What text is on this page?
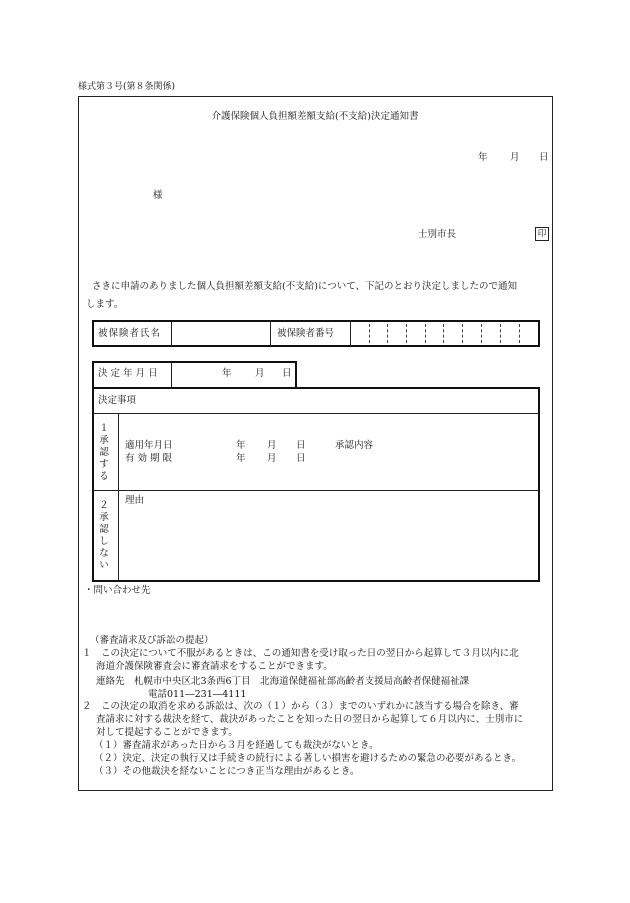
様式第３号(第８条関係)
介護保険個人負担額差額支給(不支給)決定通知書
年 月 日
様
士別市長	印
さきに申請のありました個人負担額差額支給(不支給)について、下記のとおり決定しましたので通知
します。
被保険者氏名	被保険者番号
決 定 年 月 日	年 月 日
決定事項
１承認する
適用年月日	年 月 日	承認内容
有 効 期 限	年 月 日
２承認しない
理由
・問い合わせ先
（審査請求及び訴訟の提起）
１　この決定について不服があるときは、この通知書を受け取った日の翌日から起算して３月以内に北
海道介護保険審査会に審査請求をすることができます。
連絡先　札幌市中央区北3条西6丁目　北海道保健福祉部高齢者支援局高齢者保健福祉課
電話011―231―4111
２　この決定の取消を求める訴訟は、次の（１）から（３）までのいずれかに該当する場合を除き、審
査請求に対する裁決を経て、裁決があったことを知った日の翌日から起算して６月以内に、士別市に
対して提起することができます。
（１）審査請求があった日から３月を経過しても裁決がないとき。
（２）決定、決定の執行又は手続きの続行による著しい損害を避けるための緊急の必要があるとき。
（３）その他裁決を経ないことにつき正当な理由があるとき。
